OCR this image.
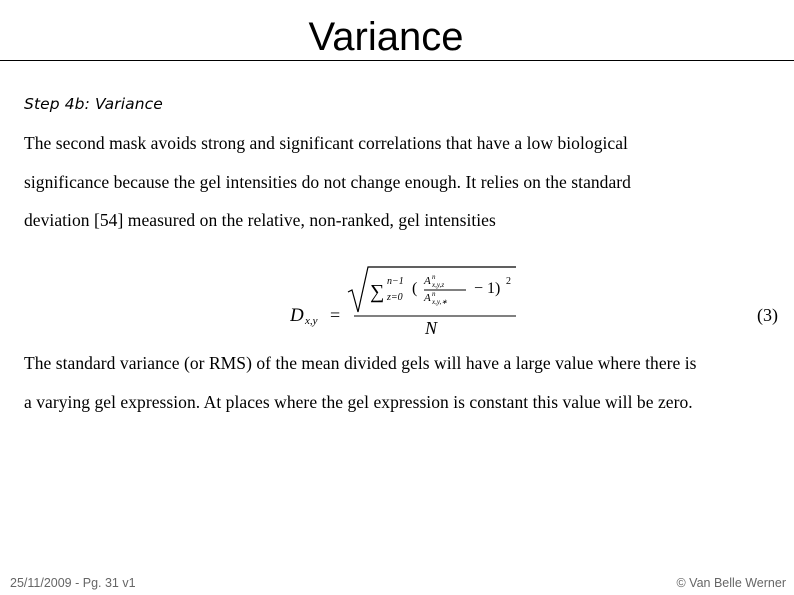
Variance
Step 4b: Variance
The second mask avoids strong and significant correlations that have a low biological
significance because the gel intensities do not change enough. It relies on the standard
deviation [54] measured on the relative, non-ranked, gel intensities
D x,y =
∑ n−1
z=0
( A n
x,y,z
A n
x,y,∗
− 1) 2
N
(3)
The standard variance (or RMS) of the mean divided gels will have a large value where there is
a varying gel expression. At places where the gel expression is constant this value will be zero.
25/11/2009 - Pg. 31 v1	© Van Belle Werner
